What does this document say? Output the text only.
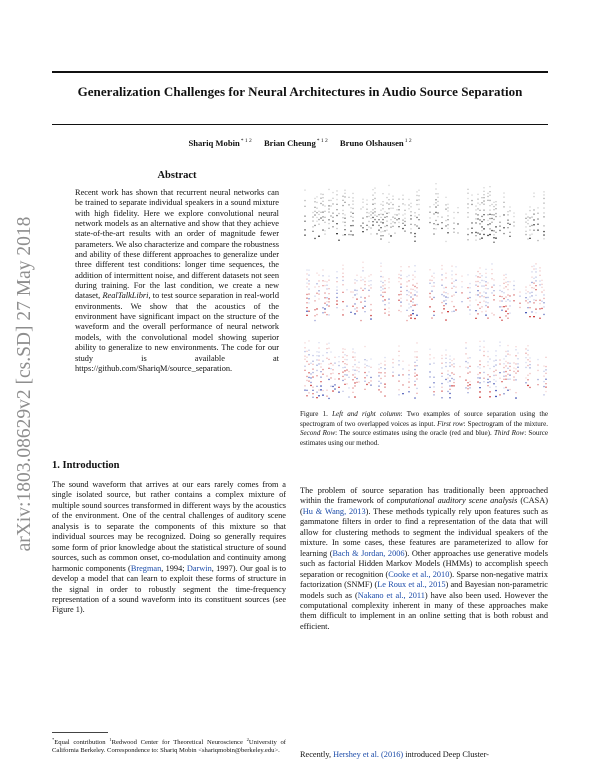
Generalization Challenges for Neural Architectures in Audio Source Separation
Shariq Mobin$^{* 1 2}$ Brian Cheung$^{* 1 2}$ Bruno Olshausen$^{1 2}$
arXiv:1803.08629v2 [cs.SD] 27 May 2018
Abstract

Recent work has shown that recurrent neural networks can be trained to separate individual speakers in a sound mixture with high fidelity. Here we explore convolutional neural network models as an alternative and show that they achieve state-of-the-art results with an order of magnitude fewer parameters. We also characterize and compare the robustness and ability of these different approaches to generalize under three different test conditions: longer time sequences, the addition of intermittent noise, and different datasets not seen during training. For the last condition, we create a new dataset, RealTalkLibri, to test source separation in real-world environments. We show that the acoustics of the environment have significant impact on the structure of the waveform and the overall performance of neural network models, with the convolutional model showing superior ability to generalize to new environments. The code for our study is available at https://github.com/ShariqM/source_separation.

1. Introduction

The sound waveform that arrives at our ears rarely comes from a single isolated source, but rather contains a complex mixture of multiple sound sources transformed in different ways by the acoustics of the environment. One of the central challenges of auditory scene analysis is to separate the components of this mixture so that individual sources may be recognized. Doing so generally requires some form of prior knowledge about the statistical structure of sound sources, such as common onset, co-modulation and continuity among harmonic components (Bregman, 1994; Darwin, 1997). Our goal is to develop a model that can learn to exploit these forms of structure in the signal in order to robustly segment the time-frequency representation of a sound waveform into its constituent sources (see Figure 1).

*Equal contribution $^1$Redwood Center for Theoretical Neuroscience $^2$University of California Berkeley. Correspondence to: Shariq Mobin <shariqmobin@berkeley.edu>.

Figure 1. Left and right column: Two examples of source separation using the spectrogram of two overlapped voices as input. First row: Spectrogram of the mixture. Second Row: The source estimates using the oracle (red and blue). Third Row: Source estimates using our method.

The problem of source separation has traditionally been approached within the framework of computational auditory scene analysis (CASA) (Hu & Wang, 2013). These methods typically rely upon features such as gammatone filters in order to find a representation of the data that will allow for clustering methods to segment the individual speakers of the mixture. In some cases, these features are parameterized to allow for learning (Bach & Jordan, 2006). Other approaches use generative models such as factorial Hidden Markov Models (HMMs) to accomplish speech separation or recognition (Cooke et al., 2010). Sparse non-negative matrix factorization (SNMF) (Le Roux et al., 2015) and Bayesian non-parametric models such as (Nakano et al., 2011) have also been used. However the computational complexity inherent in many of these approaches make them difficult to implement in an online setting that is both robust and efficient.

Recently, Hershey et al. (2016) introduced Deep Cluster-
